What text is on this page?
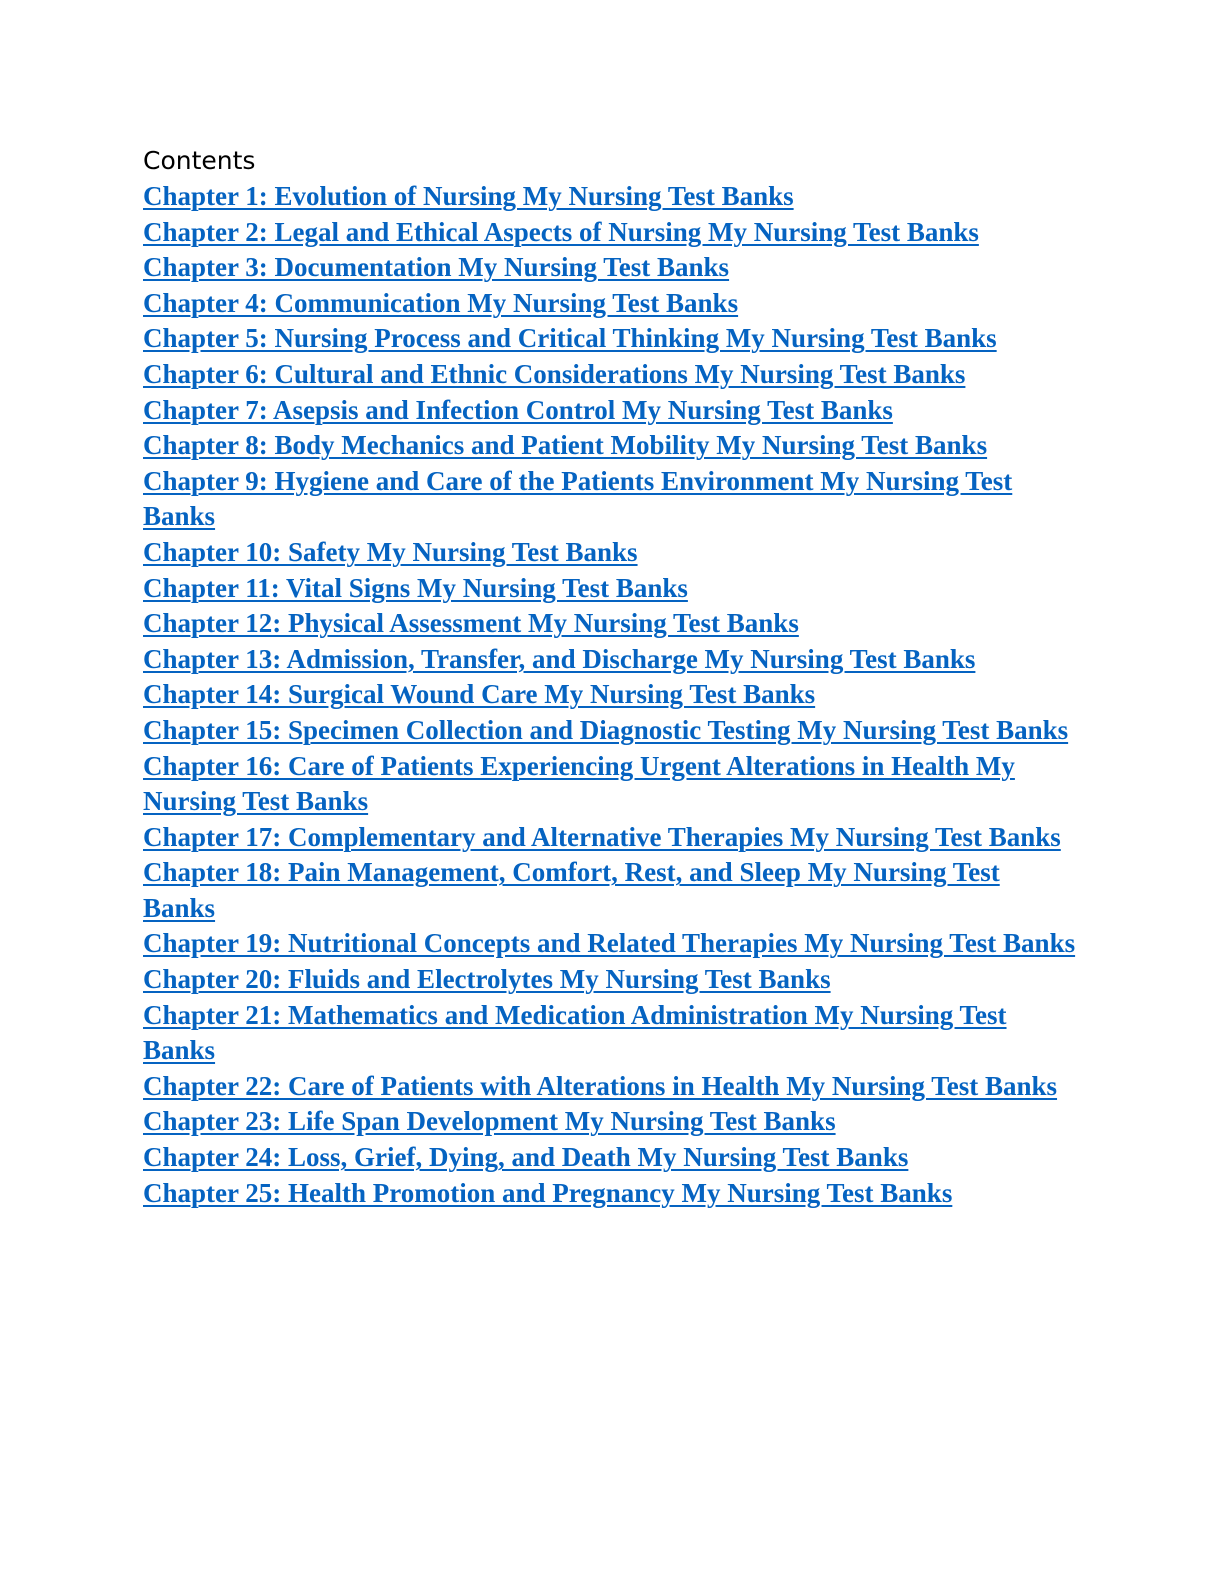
Contents
Chapter 1: Evolution of Nursing My Nursing Test Banks
Chapter 2: Legal and Ethical Aspects of Nursing My Nursing Test Banks
Chapter 3: Documentation My Nursing Test Banks
Chapter 4: Communication My Nursing Test Banks
Chapter 5: Nursing Process and Critical Thinking My Nursing Test Banks
Chapter 6: Cultural and Ethnic Considerations My Nursing Test Banks
Chapter 7: Asepsis and Infection Control My Nursing Test Banks
Chapter 8: Body Mechanics and Patient Mobility My Nursing Test Banks
Chapter 9: Hygiene and Care of the Patients Environment My Nursing Test Banks
Chapter 10: Safety My Nursing Test Banks
Chapter 11: Vital Signs My Nursing Test Banks
Chapter 12: Physical Assessment My Nursing Test Banks
Chapter 13: Admission, Transfer, and Discharge My Nursing Test Banks
Chapter 14: Surgical Wound Care My Nursing Test Banks
Chapter 15: Specimen Collection and Diagnostic Testing My Nursing Test Banks
Chapter 16: Care of Patients Experiencing Urgent Alterations in Health My Nursing Test Banks
Chapter 17: Complementary and Alternative Therapies My Nursing Test Banks
Chapter 18: Pain Management, Comfort, Rest, and Sleep My Nursing Test Banks
Chapter 19: Nutritional Concepts and Related Therapies My Nursing Test Banks
Chapter 20: Fluids and Electrolytes My Nursing Test Banks
Chapter 21: Mathematics and Medication Administration My Nursing Test Banks
Chapter 22: Care of Patients with Alterations in Health My Nursing Test Banks
Chapter 23: Life Span Development My Nursing Test Banks
Chapter 24: Loss, Grief, Dying, and Death My Nursing Test Banks
Chapter 25: Health Promotion and Pregnancy My Nursing Test Banks
